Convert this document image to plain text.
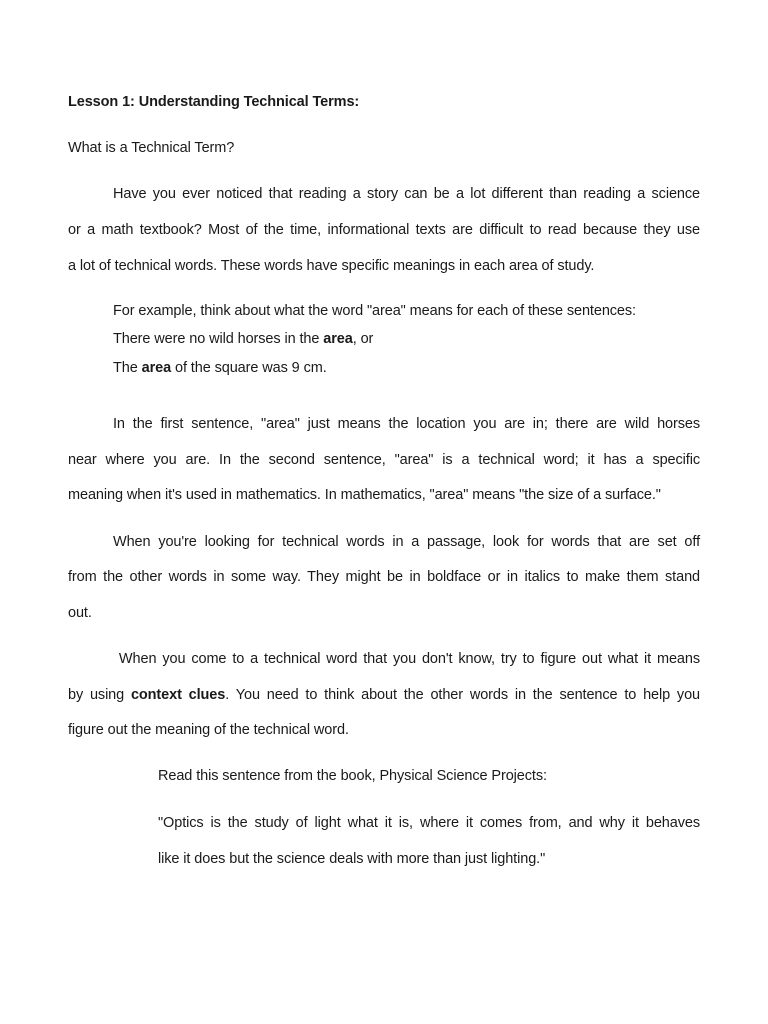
Lesson 1: Understanding Technical Terms:
What is a Technical Term?
Have you ever noticed that reading a story can be a lot different than reading a science
or a math textbook? Most of the time, informational texts are difficult to read because they use
a lot of technical words. These words have specific meanings in each area of study.
For example, think about what the word "area" means for each of these sentences:
There were no wild horses in the area, or
The area of the square was 9 cm.
In the first sentence, "area" just means the location you are in; there are wild horses
near where you are. In the second sentence, "area" is a technical word; it has a specific
meaning when it's used in mathematics. In mathematics, "area" means "the size of a surface."
When you're looking for technical words in a passage, look for words that are set off
from the other words in some way. They might be in boldface or in italics to make them stand
out.
When you come to a technical word that you don't know, try to figure out what it means
by using context clues. You need to think about the other words in the sentence to help you
figure out the meaning of the technical word.
Read this sentence from the book, Physical Science Projects:
"Optics is the study of light what it is, where it comes from, and why it behaves
like it does but the science deals with more than just lighting."
